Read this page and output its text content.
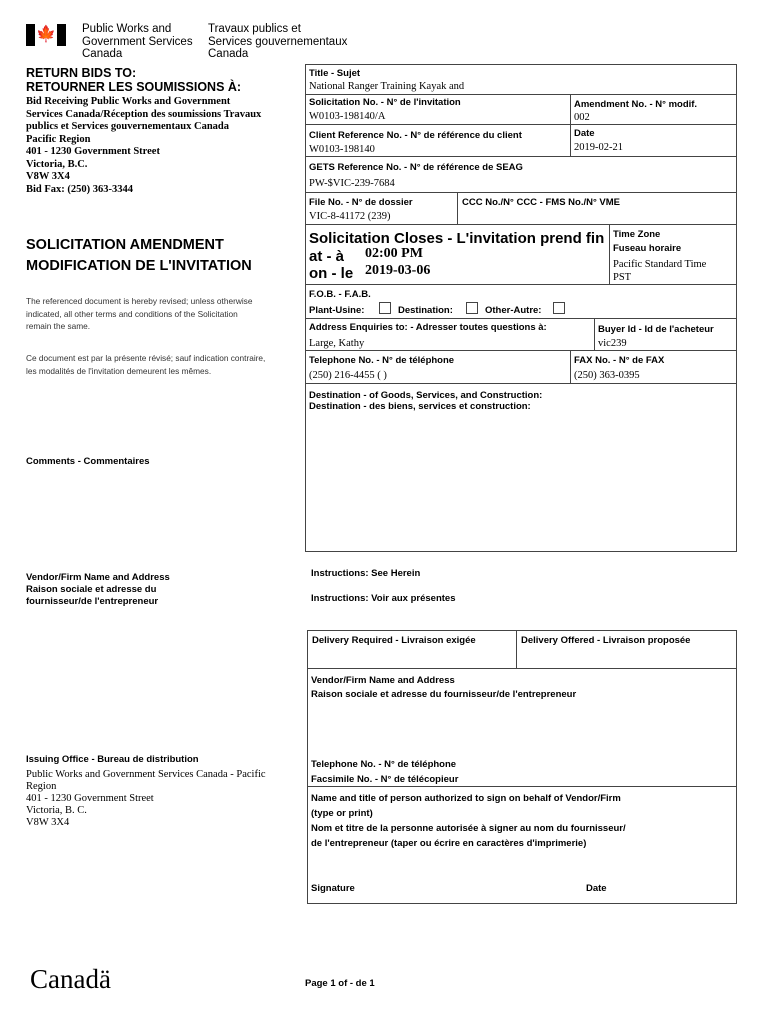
🍁 Public Works and
Government Services
Canada
Travaux publics et
Services gouvernementaux
Canada
RETURN BIDS TO:
RETOURNER LES SOUMISSIONS À:
Bid Receiving Public Works and Government
Services Canada/Réception des soumissions Travaux
publics et Services gouvernementaux Canada
Pacific Region
401 - 1230 Government Street
Victoria, B.C.
V8W 3X4
Bid Fax: (250) 363-3344
SOLICITATION AMENDMENT
MODIFICATION DE L'INVITATION
The referenced document is hereby revised; unless otherwise
indicated, all other terms and conditions of the Solicitation
remain the same.
Ce document est par la présente révisé; sauf indication contraire,
les modalités de l'invitation demeurent les mêmes.
Comments - Commentaires
Vendor/Firm Name and Address
Raison sociale et adresse du
fournisseur/de l'entrepreneur
Issuing Office - Bureau de distribution
Public Works and Government Services Canada - Pacific
Region
401 - 1230 Government Street
Victoria, B. C.
V8W 3X4
Title - Sujet
National Ranger Training Kayak and
Solicitation No. - N° de l'invitation
W0103-198140/A
Amendment No. - N° modif.
002
Client Reference No. - N° de référence du client
W0103-198140
Date
2019-02-21
GETS Reference No. - N° de référence de SEAG
PW-$VIC-239-7684
File No. - N° de dossier
VIC-8-41172 (239)
CCC No./N° CCC - FMS No./N° VME
Solicitation Closes - L'invitation prend fin
at - à 02:00 PM
on - le 2019-03-06
Time Zone
Fuseau horaire
Pacific Standard Time
PST
F.O.B. - F.A.B.
Plant-Usine:	Destination:	Other-Autre:
Address Enquiries to: - Adresser toutes questions à:
Large, Kathy
Buyer Id - Id de l'acheteur
vic239
Telephone No. - N° de téléphone
(250) 216-4455 ( )
FAX No. - N° de FAX
(250) 363-0395
Destination - of Goods, Services, and Construction:
Destination - des biens, services et construction:
Instructions: See Herein
Instructions: Voir aux présentes
Delivery Required - Livraison exigée	Delivery Offered - Livraison proposée
Vendor/Firm Name and Address
Raison sociale et adresse du fournisseur/de l'entrepreneur
Telephone No. - N° de téléphone
Facsimile No. - N° de télécopieur
Name and title of person authorized to sign on behalf of Vendor/Firm
(type or print)
Nom et titre de la personne autorisée à signer au nom du fournisseur/
de l'entrepreneur (taper ou écrire en caractères d'imprimerie)
Signature	Date
Canadä	Page 1 of - de 1
